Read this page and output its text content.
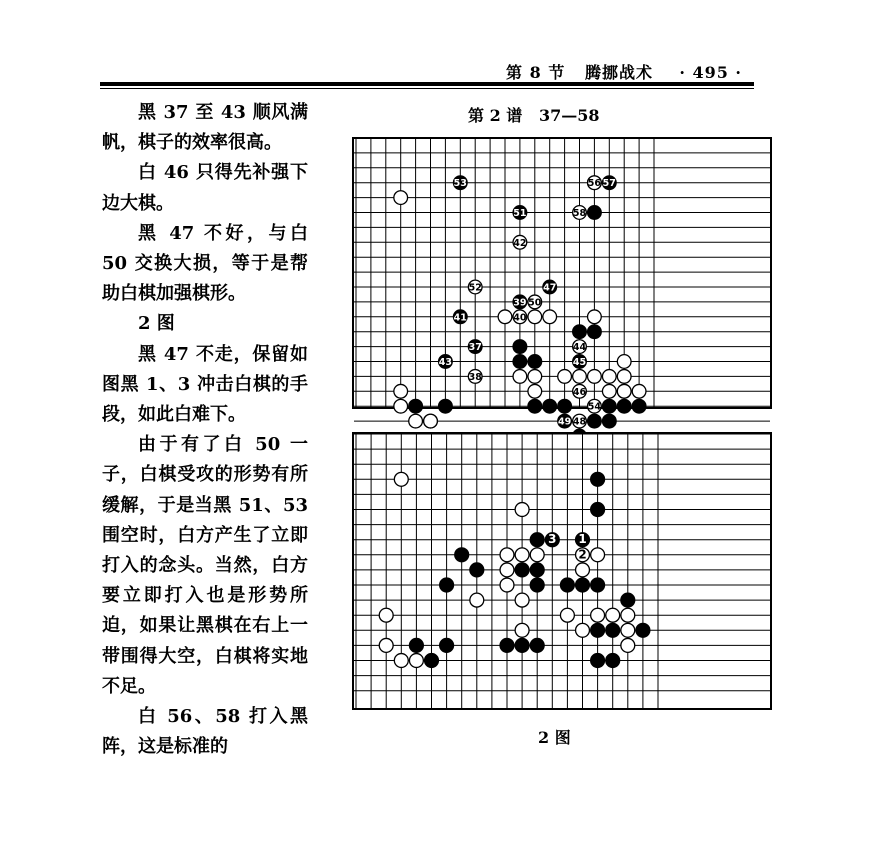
第 8 节   腾挪战术    · 495 ·

黑 37 至 43 顺风满帆，棋子的效率很高。

白 46 只得先补强下边大棋。

黑 47 不好，与白 50 交换大损，等于是帮助白棋加强棋形。

2 图

黑 47 不走，保留如图黑 1、3 冲击白棋的手段，如此白难下。

由于有了白 50 一子，白棋受攻的形势有所缓解，于是当黑 51、53 围空时，白方产生了立即打入的念头。当然，白方要立即打入也是形势所迫，如果让黑棋在右上一带围得大空，白棋将实地不足。

白 56、58 打入黑阵，这是标准的

第 2 谱   37—58
37
38
39
40
41
42
43
44
45
46
47
48
49
50
51
52
53
54
56 57
58
1
2
3
2 图
